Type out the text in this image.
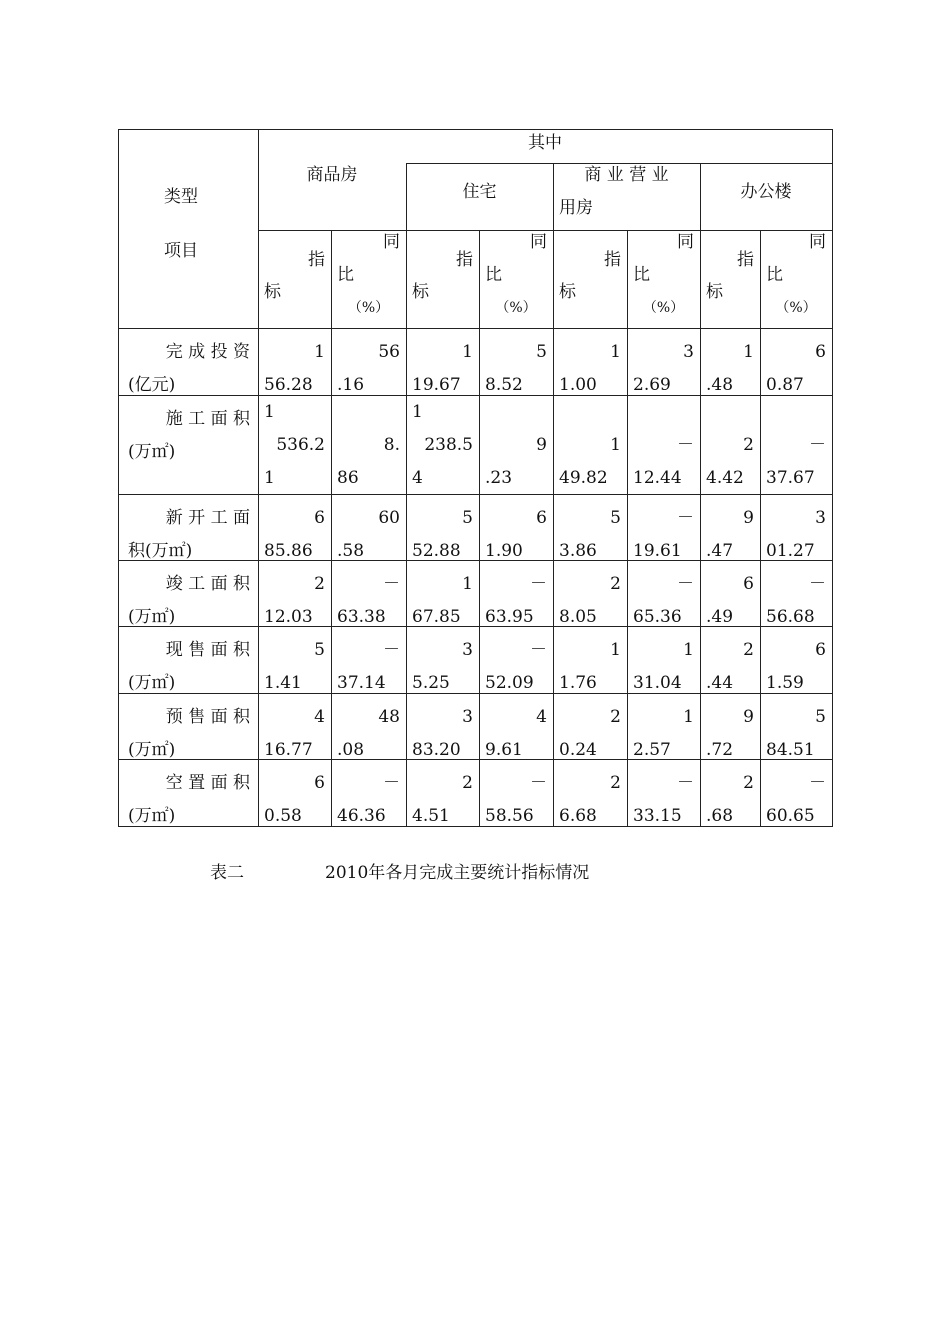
类型
项目
其中
商品房
住宅
商 业 营 业
用房
办公楼
指
标
同
比
（%）
指
标
同
比
（%）
指
标
同
比
（%）
指
标
同
比
（%）
完 成 投 资
(亿元)
1
56.28
56
.16
1
19.67
5
8.52
1
1.00
3
2.69
1
.48
6
0.87
施 工 面 积
(万㎡)
1
536.2
1
8.
86
1
238.5
4
9
.23
1
49.82
－
12.44
2
4.42
－
37.67
新 开 工 面
积(万㎡)
6
85.86
60
.58
5
52.88
6
1.90
5
3.86
－
19.61
9
.47
3
01.27
竣 工 面 积
(万㎡)
2
12.03
－
63.38
1
67.85
－
63.95
2
8.05
－
65.36
6
.49
－
56.68
现 售 面 积
(万㎡)
5
1.41
－
37.14
3
5.25
－
52.09
1
1.76
1
31.04
2
.44
6
1.59
预 售 面 积
(万㎡)
4
16.77
48
.08
3
83.20
4
9.61
2
0.24
1
2.57
9
.72
5
84.51
空 置 面 积
(万㎡)
6
0.58
－
46.36
2
4.51
－
58.56
2
6.68
－
33.15
2
.68
－
60.65
表二	2010年各月完成主要统计指标情况
